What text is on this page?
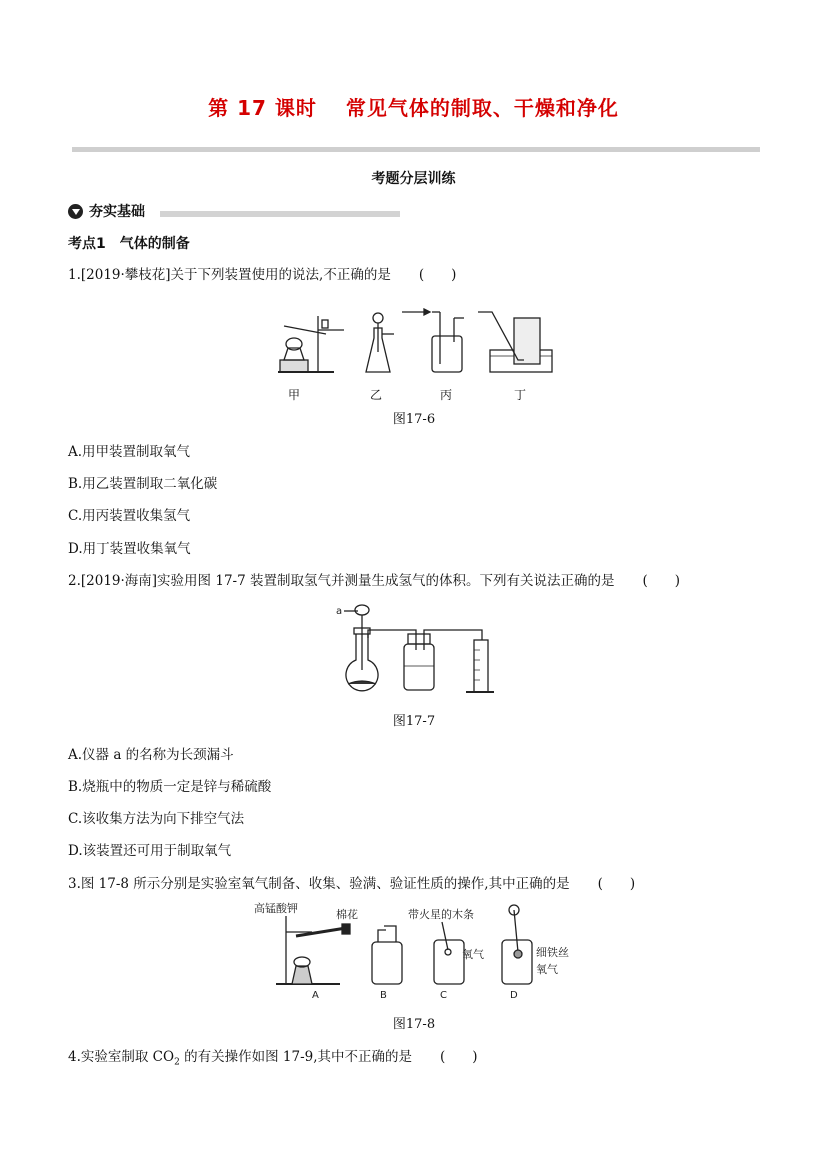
第 17 课时　 常见气体的制取、干燥和净化
考题分层训练
夯实基础
考点1　气体的制备
1.[2019·攀枝花]关于下列装置使用的说法,不正确的是 (　　)
甲	乙	丙	丁
图17-6
A.用甲装置制取氧气
B.用乙装置制取二氧化碳
C.用丙装置收集氢气
D.用丁装置收集氧气
2.[2019·海南]实验用图 17-7 装置制取氢气并测量生成氢气的体积。下列有关说法正确的是 (　　)
a
图17-7
A.仪器 a 的名称为长颈漏斗
B.烧瓶中的物质一定是锌与稀硫酸
C.该收集方法为向下排空气法
D.该装置还可用于制取氧气
3.图 17-8 所示分别是实验室氧气制备、收集、验满、验证性质的操作,其中正确的是 (　　)
高锰酸钾	棉花	带火星的木条
氧气	细铁丝
氧气
A	B	C	D
图17-8
4.实验室制取 $CO_2$ 的有关操作如图 17-9,其中不正确的是 (　　)
